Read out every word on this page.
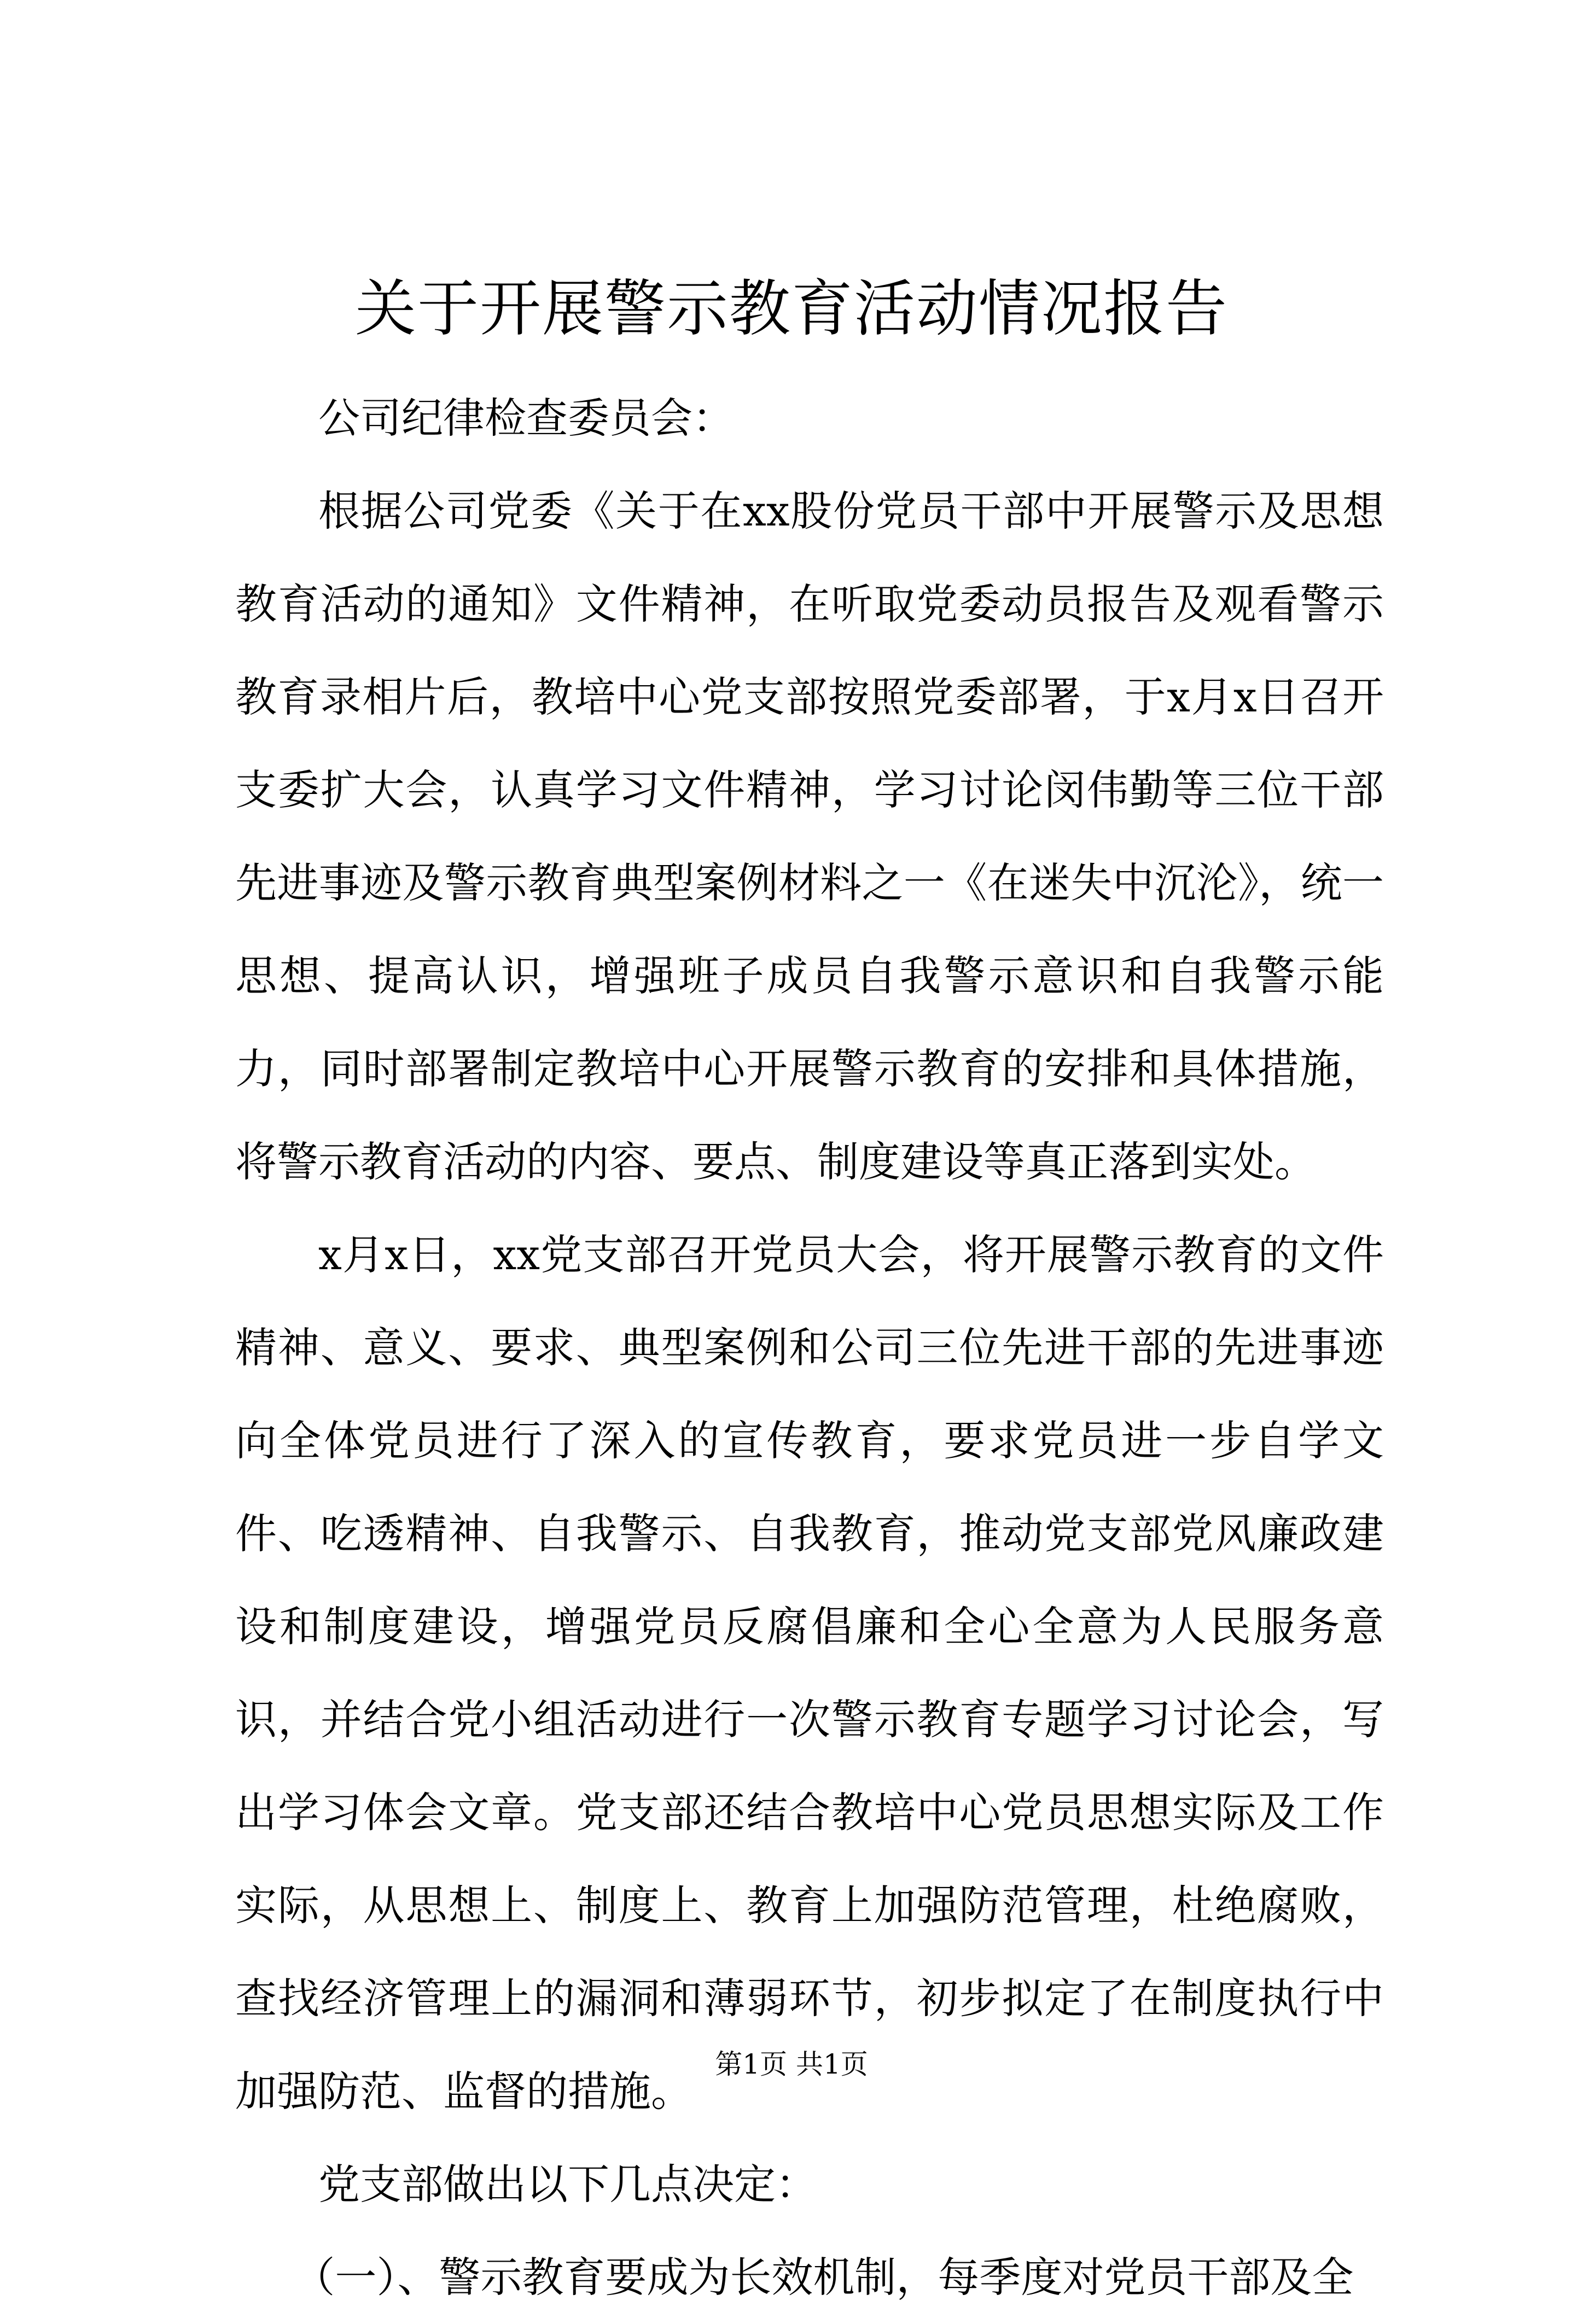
关于开展警示教育活动情况报告

公司纪律检查委员会：

根据公司党委《关于在xx股份党员干部中开展警示及思想教育活动的通知》文件精神，在听取党委动员报告及观看警示教育录相片后，教培中心党支部按照党委部署，于x月x日召开支委扩大会，认真学习文件精神，学习讨论闵伟勤等三位干部先进事迹及警示教育典型案例材料之一《在迷失中沉沦》，统一思想、提高认识，增强班子成员自我警示意识和自我警示能力，同时部署制定教培中心开展警示教育的安排和具体措施，将警示教育活动的内容、要点、制度建设等真正落到实处。

x月x日，xx党支部召开党员大会，将开展警示教育的文件精神、意义、要求、典型案例和公司三位先进干部的先进事迹向全体党员进行了深入的宣传教育，要求党员进一步自学文件、吃透精神、自我警示、自我教育，推动党支部党风廉政建设和制度建设，增强党员反腐倡廉和全心全意为人民服务意识，并结合党小组活动进行一次警示教育专题学习讨论会，写出学习体会文章。党支部还结合教培中心党员思想实际及工作实际，从思想上、制度上、教育上加强防范管理，杜绝腐败，查找经济管理上的漏洞和薄弱环节，初步拟定了在制度执行中加强防范、监督的措施。

党支部做出以下几点决定：

（一）、警示教育要成为长效机制，每季度对党员干部及全

第1页 共1页
